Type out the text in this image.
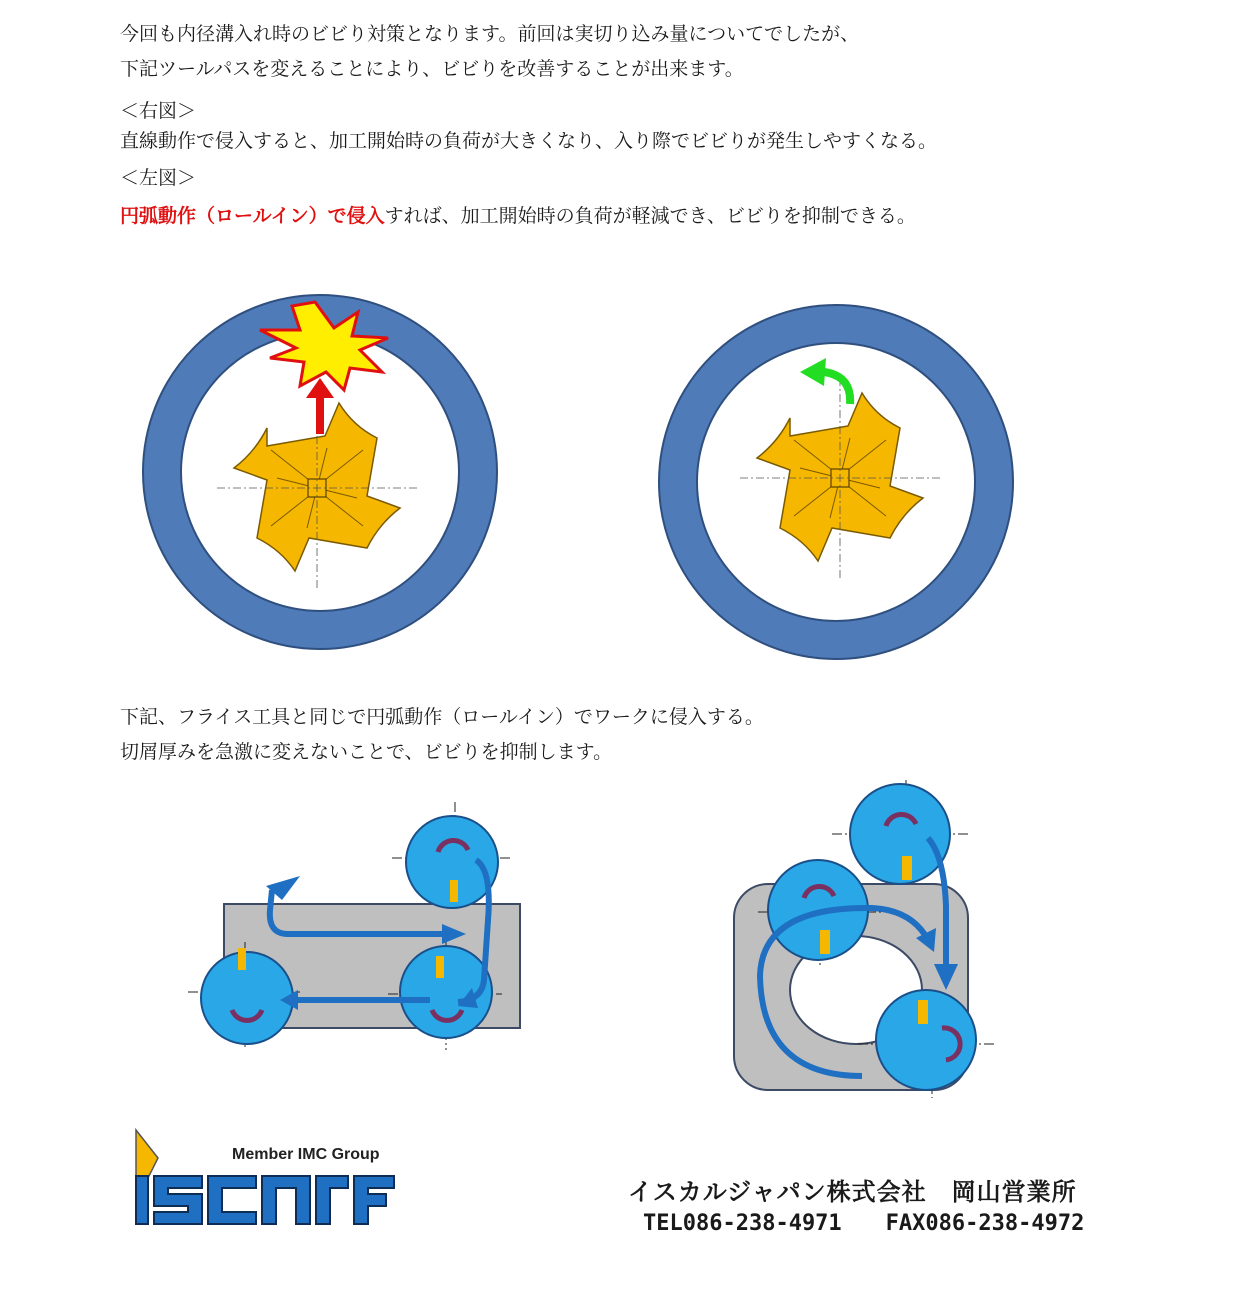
今回も内径溝入れ時のビビり対策となります。前回は実切り込み量についてでしたが、
下記ツールパスを変えることにより、ビビりを改善することが出来ます。
＜右図＞
直線動作で侵入すると、加工開始時の負荷が大きくなり、入り際でビビりが発生しやすくなる。
＜左図＞
円弧動作（ロールイン）で侵入すれば、加工開始時の負荷が軽減でき、ビビりを抑制できる。
下記、フライス工具と同じで円弧動作（ロールイン）でワークに侵入する。
切屑厚みを急激に変えないことで、ビビりを抑制します。
Member IMC Group
イスカルジャパン株式会社　岡山営業所
TEL086-238-4971　　FAX086-238-4972
